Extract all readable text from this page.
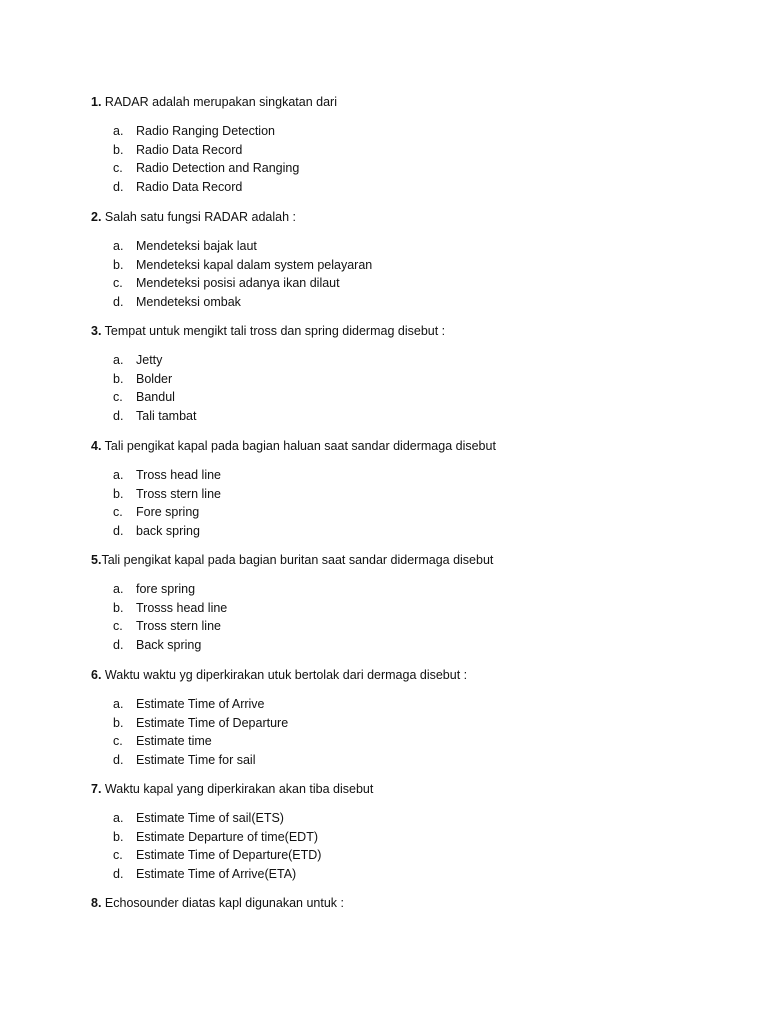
1. RADAR adalah merupakan singkatan dari
a. Radio Ranging Detection
b. Radio Data Record
c. Radio Detection and Ranging
d. Radio Data Record
2. Salah satu fungsi RADAR adalah :
a. Mendeteksi bajak laut
b. Mendeteksi kapal dalam system pelayaran
c. Mendeteksi posisi adanya ikan dilaut
d. Mendeteksi ombak
3. Tempat untuk mengikt tali tross dan spring didermag disebut :
a. Jetty
b. Bolder
c. Bandul
d. Tali tambat
4. Tali pengikat kapal pada bagian haluan saat sandar didermaga disebut
a. Tross head line
b. Tross stern line
c. Fore spring
d. back spring
5.Tali pengikat kapal pada bagian buritan saat sandar didermaga disebut
a. fore spring
b. Trosss head line
c. Tross stern line
d. Back spring
6. Waktu waktu yg diperkirakan utuk bertolak dari dermaga disebut :
a. Estimate Time of Arrive
b. Estimate Time of Departure
c. Estimate time
d. Estimate Time for sail
7. Waktu kapal yang diperkirakan akan tiba disebut
a. Estimate Time of sail(ETS)
b. Estimate Departure of time(EDT)
c. Estimate Time of Departure(ETD)
d. Estimate Time of Arrive(ETA)
8. Echosounder diatas kapl digunakan untuk :
